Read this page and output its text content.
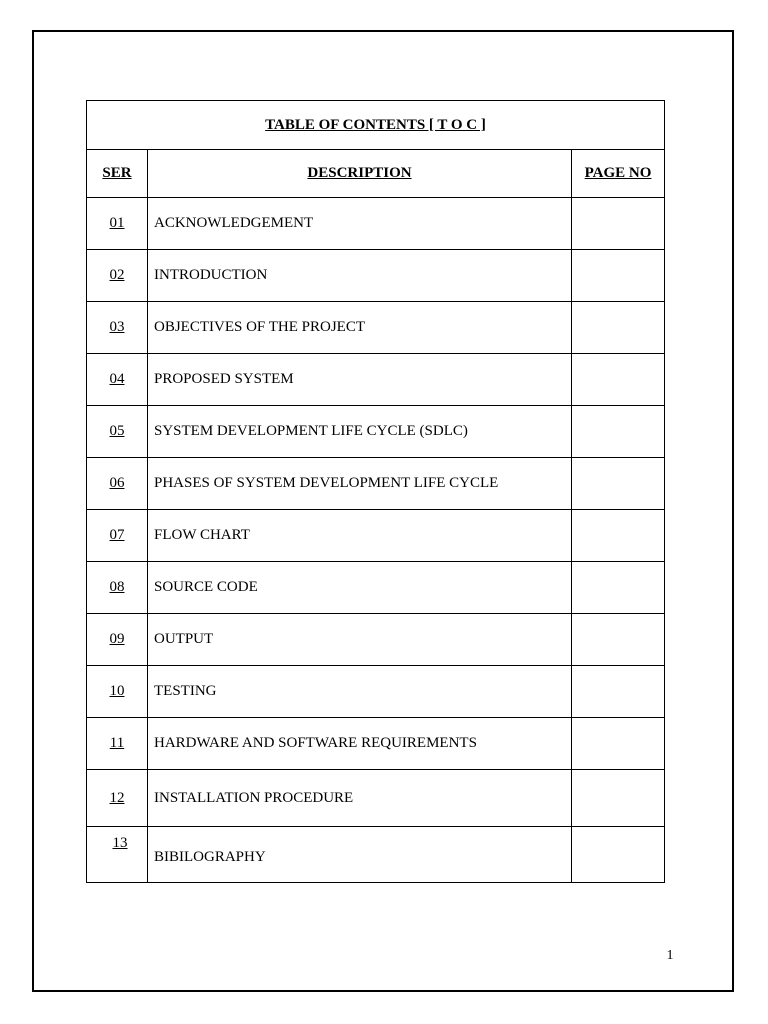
TABLE OF CONTENTS [ T O C ]		
SER	DESCRIPTION	PAGE NO
01	ACKNOWLEDGEMENT	
02	INTRODUCTION	
03	OBJECTIVES OF THE PROJECT	
04	PROPOSED SYSTEM	
05	SYSTEM DEVELOPMENT LIFE CYCLE (SDLC)	
06	PHASES OF SYSTEM DEVELOPMENT LIFE CYCLE	
07	FLOW CHART	
08	SOURCE CODE	
09	OUTPUT	
10	TESTING	
11	HARDWARE AND SOFTWARE REQUIREMENTS	
12	INSTALLATION PROCEDURE	
13	BIBILOGRAPHY	
1
